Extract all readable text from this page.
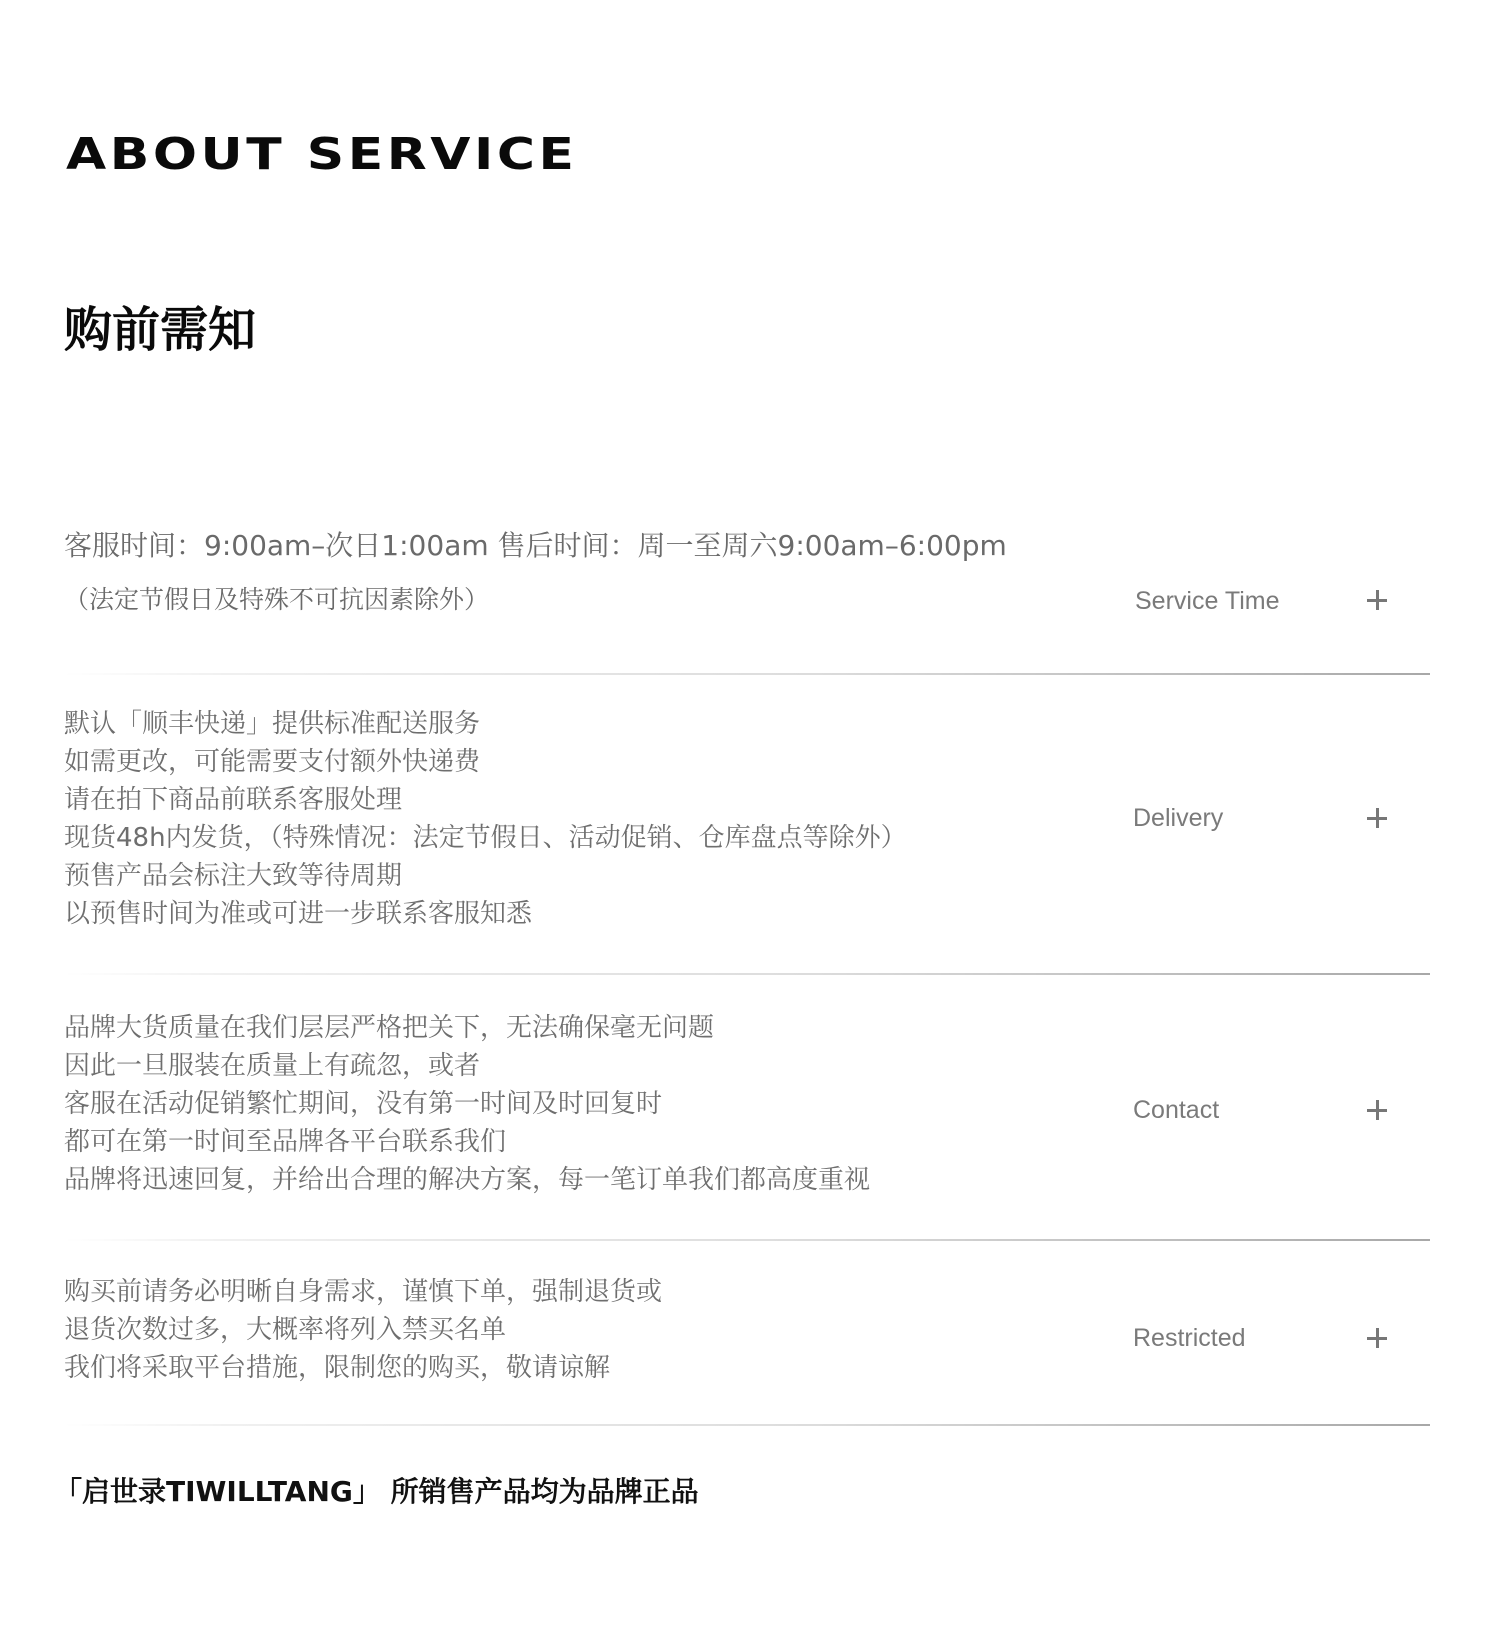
ABOUT SERVICE
购前需知
客服时间：9:00am–次日1:00am 售后时间：周一至周六9:00am–6:00pm
（法定节假日及特殊不可抗因素除外）	Service Time
默认「顺丰快递」提供标准配送服务
如需更改，可能需要支付额外快递费
请在拍下商品前联系客服处理
现货48h内发货，（特殊情况：法定节假日、活动促销、仓库盘点等除外）
预售产品会标注大致等待周期
以预售时间为准或可进一步联系客服知悉
Delivery
品牌大货质量在我们层层严格把关下，无法确保毫无问题
因此一旦服装在质量上有疏忽，或者
客服在活动促销繁忙期间，没有第一时间及时回复时
都可在第一时间至品牌各平台联系我们
品牌将迅速回复，并给出合理的解决方案，每一笔订单我们都高度重视
Contact
购买前请务必明晰自身需求，谨慎下单，强制退货或
退货次数过多，大概率将列入禁买名单
我们将采取平台措施，限制您的购买，敬请谅解
Restricted

「启世录TIWILLTANG」 所销售产品均为品牌正品
